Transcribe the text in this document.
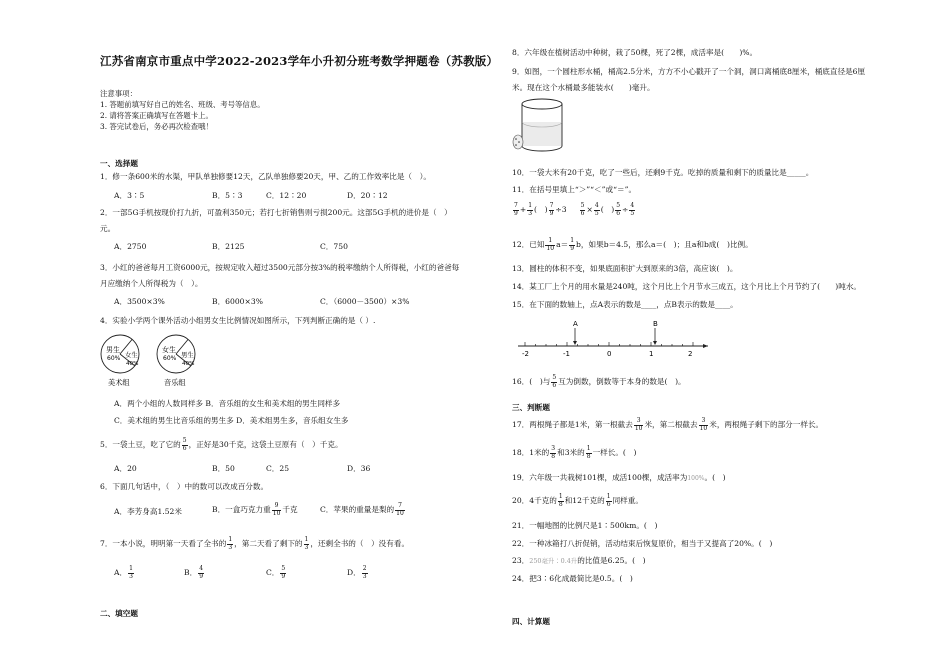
江苏省南京市重点中学2022-2023学年小升初分班考数学押题卷（苏教版）
注意事项：
1. 答题前填写好自己的姓名、班级、考号等信息。
2. 请将答案正确填写在答题卡上。
3. 答完试卷后，务必再次检查哦！
一、选择题
1．修一条600米的水渠，甲队单独修要12天，乙队单独修要20天，甲、乙的工作效率比是（　）。
A．3∶5	B．5∶3	C．12∶20	D．20∶12
2．一部5G手机按现价打九折，可盈利350元；若打七折销售则亏损200元。这部5G手机的进价是（　）
元。
A．2750	B．2125	C．750
3．小红的爸爸每月工资6000元，按规定收入超过3500元部分按3%的税率缴纳个人所得税，小红的爸爸每
月应缴纳个人所得税为（　）。
A．3500×3%	B．6000×3%	C．（6000－3500）×3%
4．实验小学两个课外活动小组男女生比例情况如图所示，下列判断正确的是（ ）.
男生
60% 女生
40%
美术组
女生
60% 男生
40%
音乐组
A．两个小组的人数同样多 B．音乐组的女生和美术组的男生同样多
C．美术组的男生比音乐组的男生多 D．美术组男生多，音乐组女生多
5．一袋土豆，吃了它的 $\frac{5}{6}$ ，正好是30千克，这袋土豆原有（　）千克。
A．20	B．50	C．25	D．36
6．下面几句话中，（　）中的数可以改成百分数。
A．李芳身高1.52米	B．一盒巧克力重 $\frac{9}{10}$ 千克	C．苹果的重量是梨的 $\frac{7}{10}$
7．一本小说，明明第一天看了全书的 $\frac{1}{3}$ ，第二天看了剩下的 $\frac{1}{3}$ ，还剩全书的（　）没有看。
A． $\frac{1}{3}$	B． $\frac{4}{9}$	C． $\frac{5}{9}$	D． $\frac{2}{3}$
二、填空题
8．六年级在植树活动中种树，栽了50棵，死了2棵，成活率是(　　)%。
9．如图，一个圆柱形水桶，桶高2.5分米，方方不小心戳开了一个洞，洞口离桶底8厘米，桶底直径是6厘
米。现在这个水桶最多能装水(　　)毫升。
10．一袋大米有20千克，吃了一些后，还剩9千克。吃掉的质量和剩下的质量比是_____。
11．在括号里填上“＞”“＜”或“＝”。
$\frac{7}{9} + \frac{1}{3}$ (　) $\frac{7}{9} \div 3 \frac{5}{6} \times \frac{4}{5}$ (　) $\frac{5}{6} \div \frac{4}{5}$
12．已知 $\frac{1}{10} a= \frac{1}{9}$ b，如果b＝4.5，那么a＝(　)；且a和b成(　)比例。
13．圆柱的体积不变，如果底面积扩大到原来的3倍，高应该(　)。
14．某工厂上个月的用水量是240吨，这个月比上个月节水三成五，这个月比上个月节约了(　　)吨水。
15．在下面的数轴上，点A表示的数是____，点B表示的数是____。
-2	-1	0	1	2
A	B
16．(　)与 $\frac{5}{6}$ 互为倒数，倒数等于本身的数是(　)。
三、判断题
17．两根绳子都是1米，第一根截去 $\frac{3}{10}$ 米，第二根截去 $\frac{3}{10}$ 米，两根绳子剩下的部分一样长。
18．1米的 $\frac{3}{8}$ 和3米的 $\frac{1}{8}$ 一样长。(　)
19．六年级一共栽树101棵，成活100棵，成活率为100%。(　)
20．4千克的 $\frac{1}{8}$ 和12千克的 $\frac{1}{6}$ 同样重。
21．一幅地图的比例尺是1∶500km。(　)
22．一种冰箱打八折促销，活动结束后恢复原价，相当于又提高了20%。(　)
23．250毫升∶0.4升的比值是6.25。(　)
24．把3∶6化成最简比是0.5。(　)
四、计算题
